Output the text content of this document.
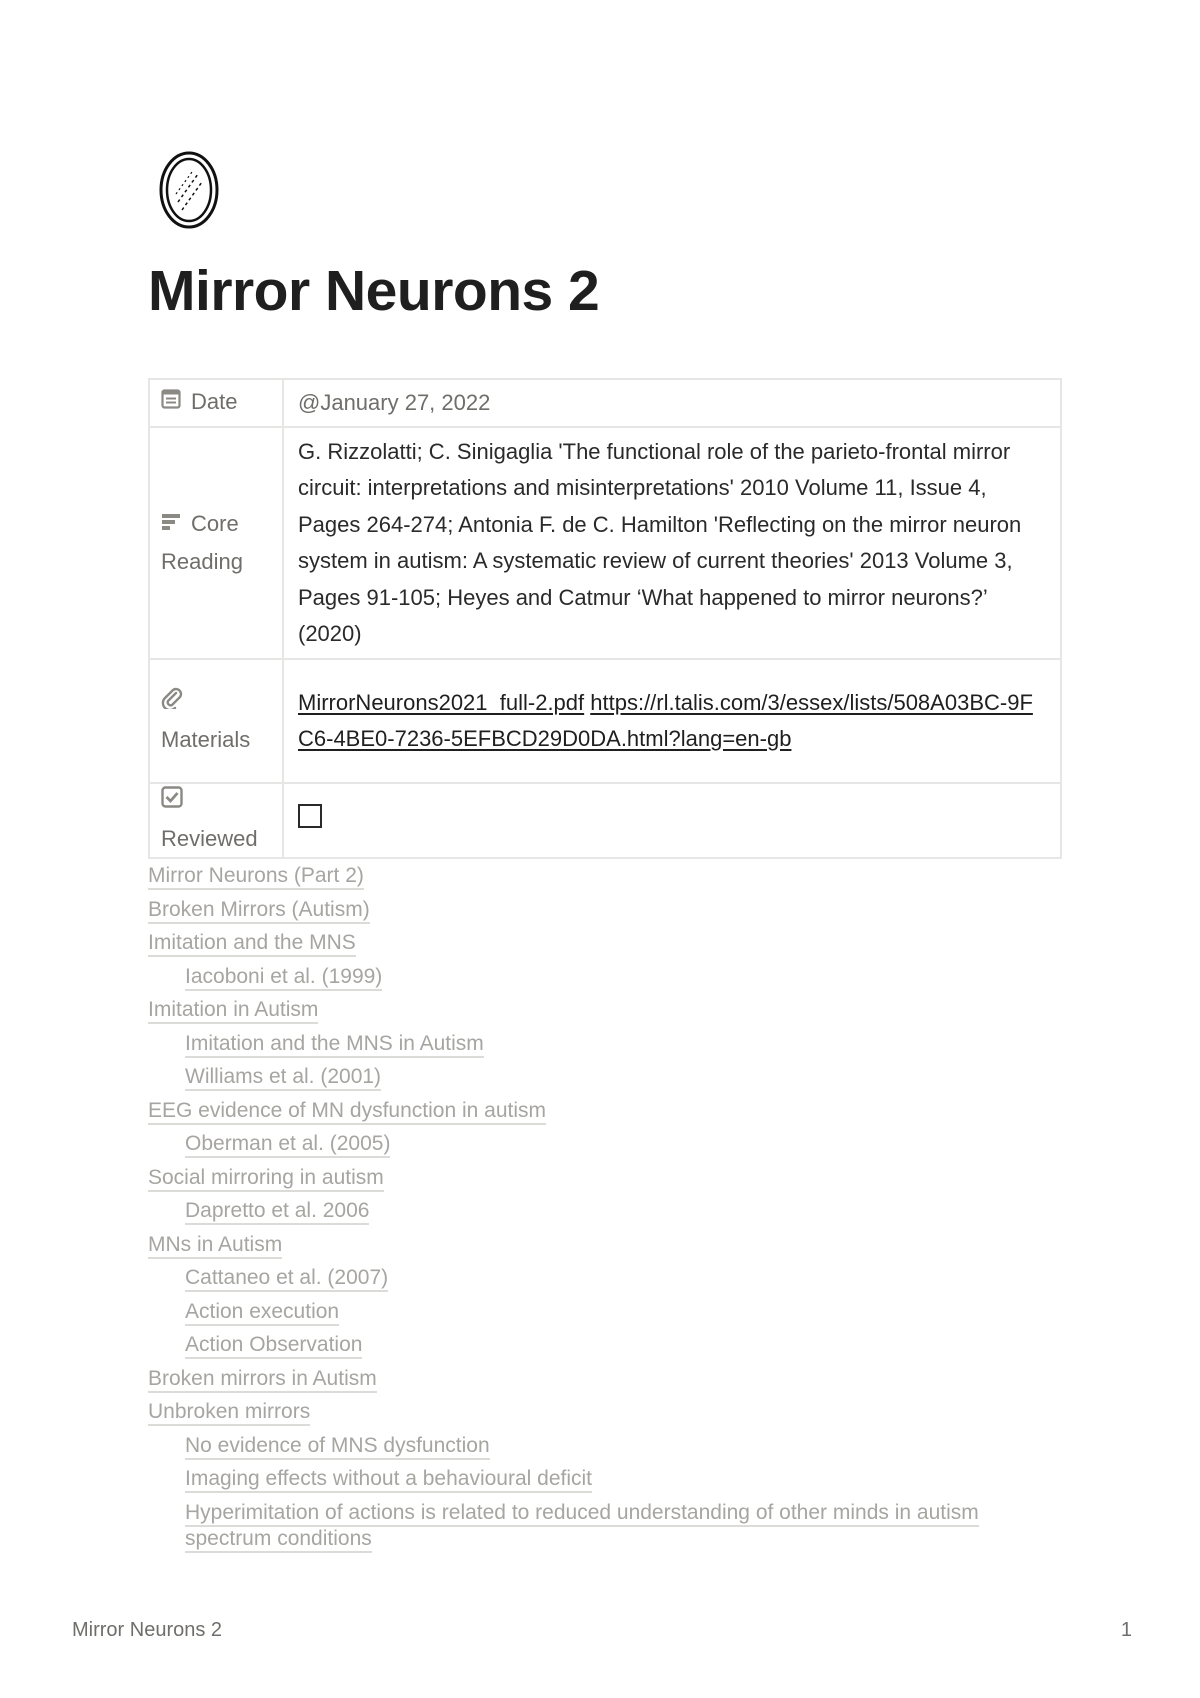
Mirror Neurons 2
Date	@January 27, 2022

Core Reading	G. Rizzolatti; C. Sinigaglia 'The functional role of the parieto-frontal mirror circuit: interpretations and misinterpretations' 2010 Volume 11, Issue 4, Pages 264-274; Antonia F. de C. Hamilton 'Reflecting on the mirror neuron system in autism: A systematic review of current theories' 2013 Volume 3, Pages 91-105; Heyes and Catmur ‘What happened to mirror neurons?’ (2020)

Materials	MirrorNeurons2021_full-2.pdf https://rl.talis.com/3/essex/lists/508A03BC-9FC6-4BE0-7236-5EFBCD29D0DA.html?lang=en-gb

Reviewed	

Mirror Neurons (Part 2)
Broken Mirrors (Autism)
Imitation and the MNS
Iacoboni et al. (1999)
Imitation in Autism
Imitation and the MNS in Autism
Williams et al. (2001)
EEG evidence of MN dysfunction in autism
Oberman et al. (2005)
Social mirroring in autism
Dapretto et al. 2006
MNs in Autism
Cattaneo et al. (2007)
Action execution
Action Observation
Broken mirrors in Autism
Unbroken mirrors
No evidence of MNS dysfunction
Imaging effects without a behavioural deficit
Hyperimitation of actions is related to reduced understanding of other minds in autism spectrum conditions
Mirror Neurons 2	1
